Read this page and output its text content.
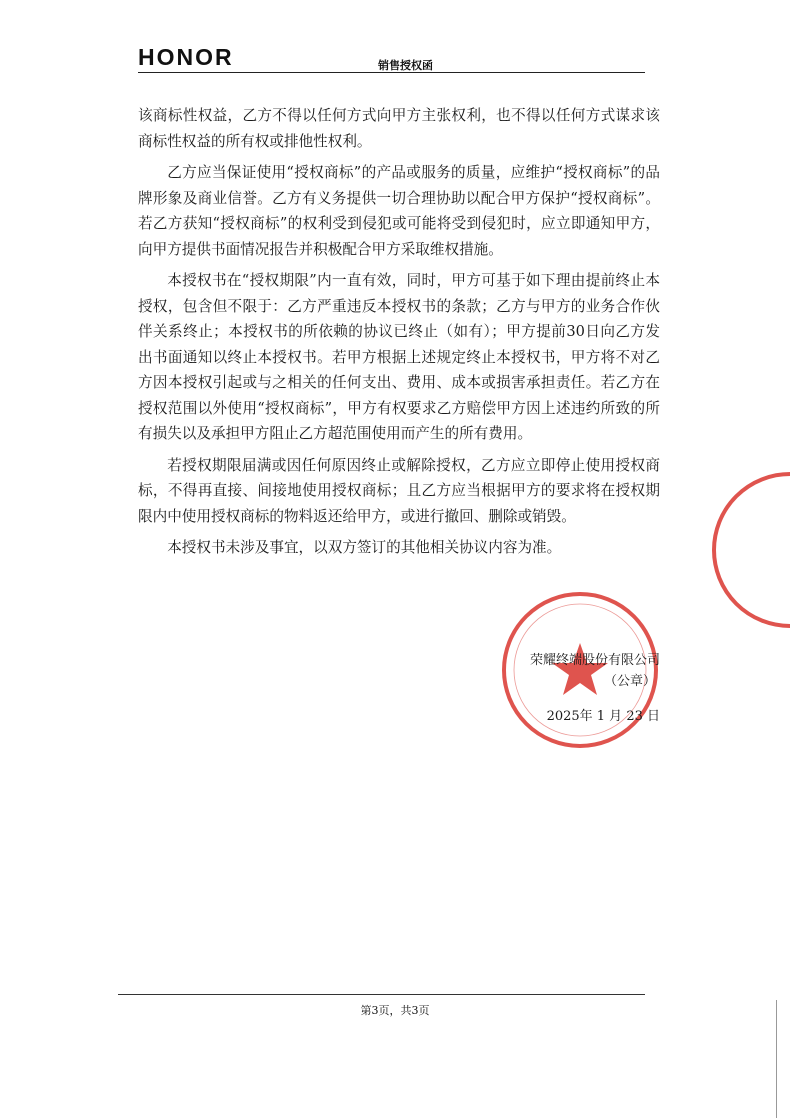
HONOR	销售授权函

该商标性权益，乙方不得以任何方式向甲方主张权利，也不得以任何方式谋求该商标性权益的所有权或排他性权利。

乙方应当保证使用“授权商标”的产品或服务的质量，应维护“授权商标”的品牌形象及商业信誉。乙方有义务提供一切合理协助以配合甲方保护“授权商标”。若乙方获知“授权商标”的权利受到侵犯或可能将受到侵犯时，应立即通知甲方，向甲方提供书面情况报告并积极配合甲方采取维权措施。

本授权书在“授权期限”内一直有效，同时，甲方可基于如下理由提前终止本授权，包含但不限于：乙方严重违反本授权书的条款；乙方与甲方的业务合作伙伴关系终止；本授权书的所依赖的协议已终止（如有）；甲方提前30日向乙方发出书面通知以终止本授权书。若甲方根据上述规定终止本授权书，甲方将不对乙方因本授权引起或与之相关的任何支出、费用、成本或损害承担责任。若乙方在授权范围以外使用“授权商标”，甲方有权要求乙方赔偿甲方因上述违约所致的所有损失以及承担甲方阻止乙方超范围使用而产生的所有费用。

若授权期限届满或因任何原因终止或解除授权，乙方应立即停止使用授权商标，不得再直接、间接地使用授权商标；且乙方应当根据甲方的要求将在授权期限内中使用授权商标的物料返还给甲方，或进行撤回、删除或销毁。

本授权书未涉及事宜，以双方签订的其他相关协议内容为准。

荣耀终端股份有限公司
（公章）
2025年 1 月 23 日
第3页，共3页
